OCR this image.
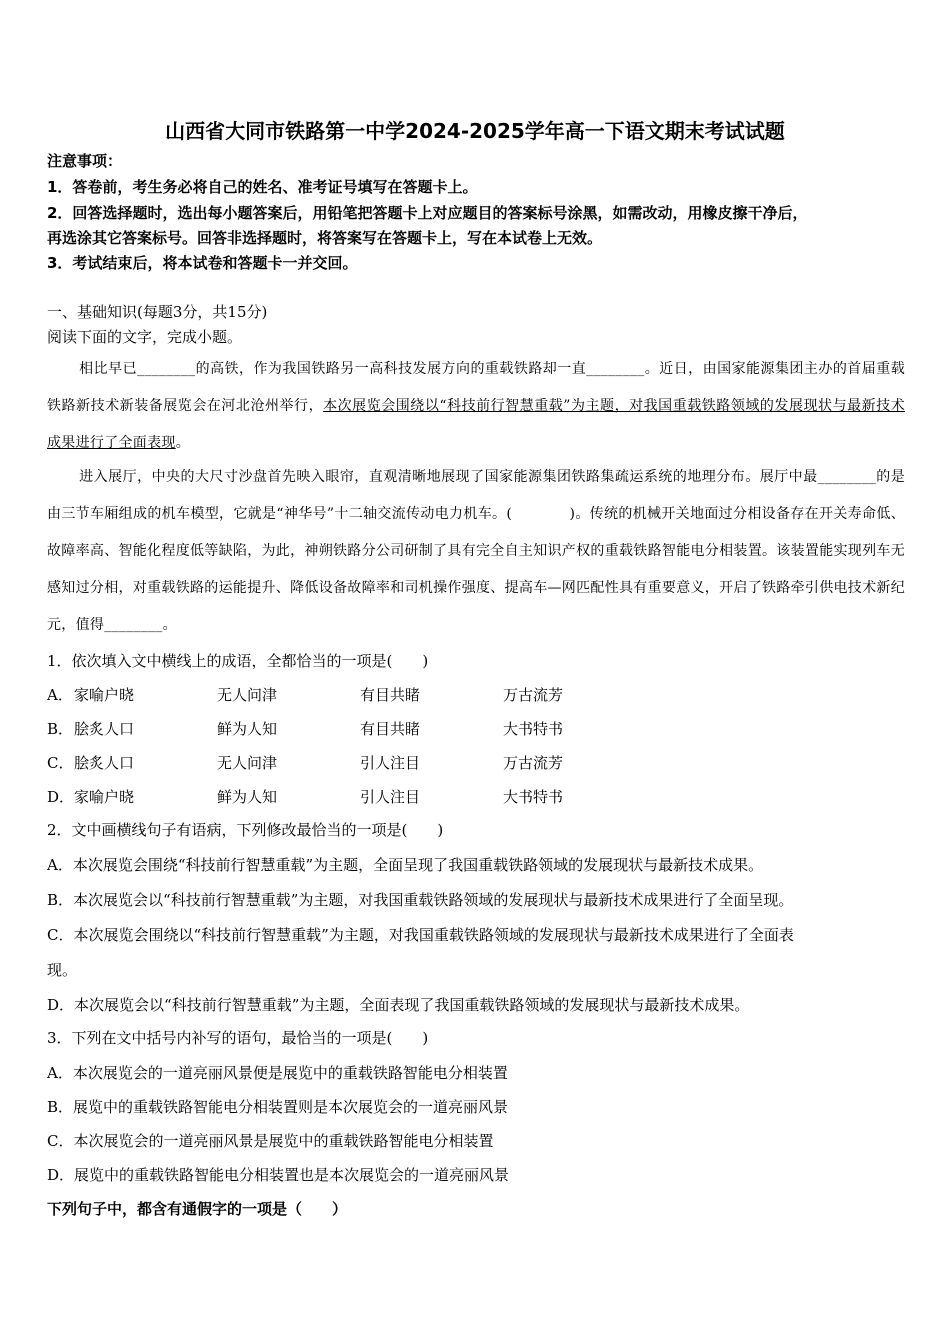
山西省大同市铁路第一中学2024-2025学年高一下语文期末考试试题
注意事项：
1．答卷前，考生务必将自己的姓名、准考证号填写在答题卡上。
2．回答选择题时，选出每小题答案后，用铅笔把答题卡上对应题目的答案标号涂黑，如需改动，用橡皮擦干净后，
再选涂其它答案标号。回答非选择题时，将答案写在答题卡上，写在本试卷上无效。
3．考试结束后，将本试卷和答题卡一并交回。
一、基础知识(每题3分，共15分)
阅读下面的文字，完成小题。
相比早已________的高铁，作为我国铁路另一高科技发展方向的重载铁路却一直________。近日，由国家能源集团主办的首届重载铁路新技术新装备展览会在河北沧州举行，本次展览会围绕以“科技前行智慧重载”为主题，对我国重载铁路领域的发展现状与最新技术成果进行了全面表现。
进入展厅，中央的大尺寸沙盘首先映入眼帘，直观清晰地展现了国家能源集团铁路集疏运系统的地理分布。展厅中最________的是由三节车厢组成的机车模型，它就是“神华号”十二轴交流传动电力机车。(　　　　)。传统的机械开关地面过分相设备存在开关寿命低、故障率高、智能化程度低等缺陷，为此，神朔铁路分公司研制了具有完全自主知识产权的重载铁路智能电分相装置。该装置能实现列车无感知过分相，对重载铁路的运能提升、降低设备故障率和司机操作强度、提高车—网匹配性具有重要意义，开启了铁路牵引供电技术新纪元，值得________。
1．依次填入文中横线上的成语，全都恰当的一项是(　　)
A．家喻户晓	无人问津	有目共睹	万古流芳
B．脍炙人口	鲜为人知	有目共睹	大书特书
C．脍炙人口	无人问津	引人注目	万古流芳
D．家喻户晓	鲜为人知	引人注目	大书特书
2．文中画横线句子有语病，下列修改最恰当的一项是(　　)
A．本次展览会围绕“科技前行智慧重载”为主题，全面呈现了我国重载铁路领域的发展现状与最新技术成果。
B．本次展览会以“科技前行智慧重载”为主题，对我国重载铁路领域的发展现状与最新技术成果进行了全面呈现。
C．本次展览会围绕以“科技前行智慧重载”为主题，对我国重载铁路领域的发展现状与最新技术成果进行了全面表
现。
D．本次展览会以“科技前行智慧重载”为主题，全面表现了我国重载铁路领域的发展现状与最新技术成果。
3．下列在文中括号内补写的语句，最恰当的一项是(　　)
A．本次展览会的一道亮丽风景便是展览中的重载铁路智能电分相装置
B．展览中的重载铁路智能电分相装置则是本次展览会的一道亮丽风景
C．本次展览会的一道亮丽风景是展览中的重载铁路智能电分相装置
D．展览中的重载铁路智能电分相装置也是本次展览会的一道亮丽风景
下列句子中，都含有通假字的一项是（　　）
